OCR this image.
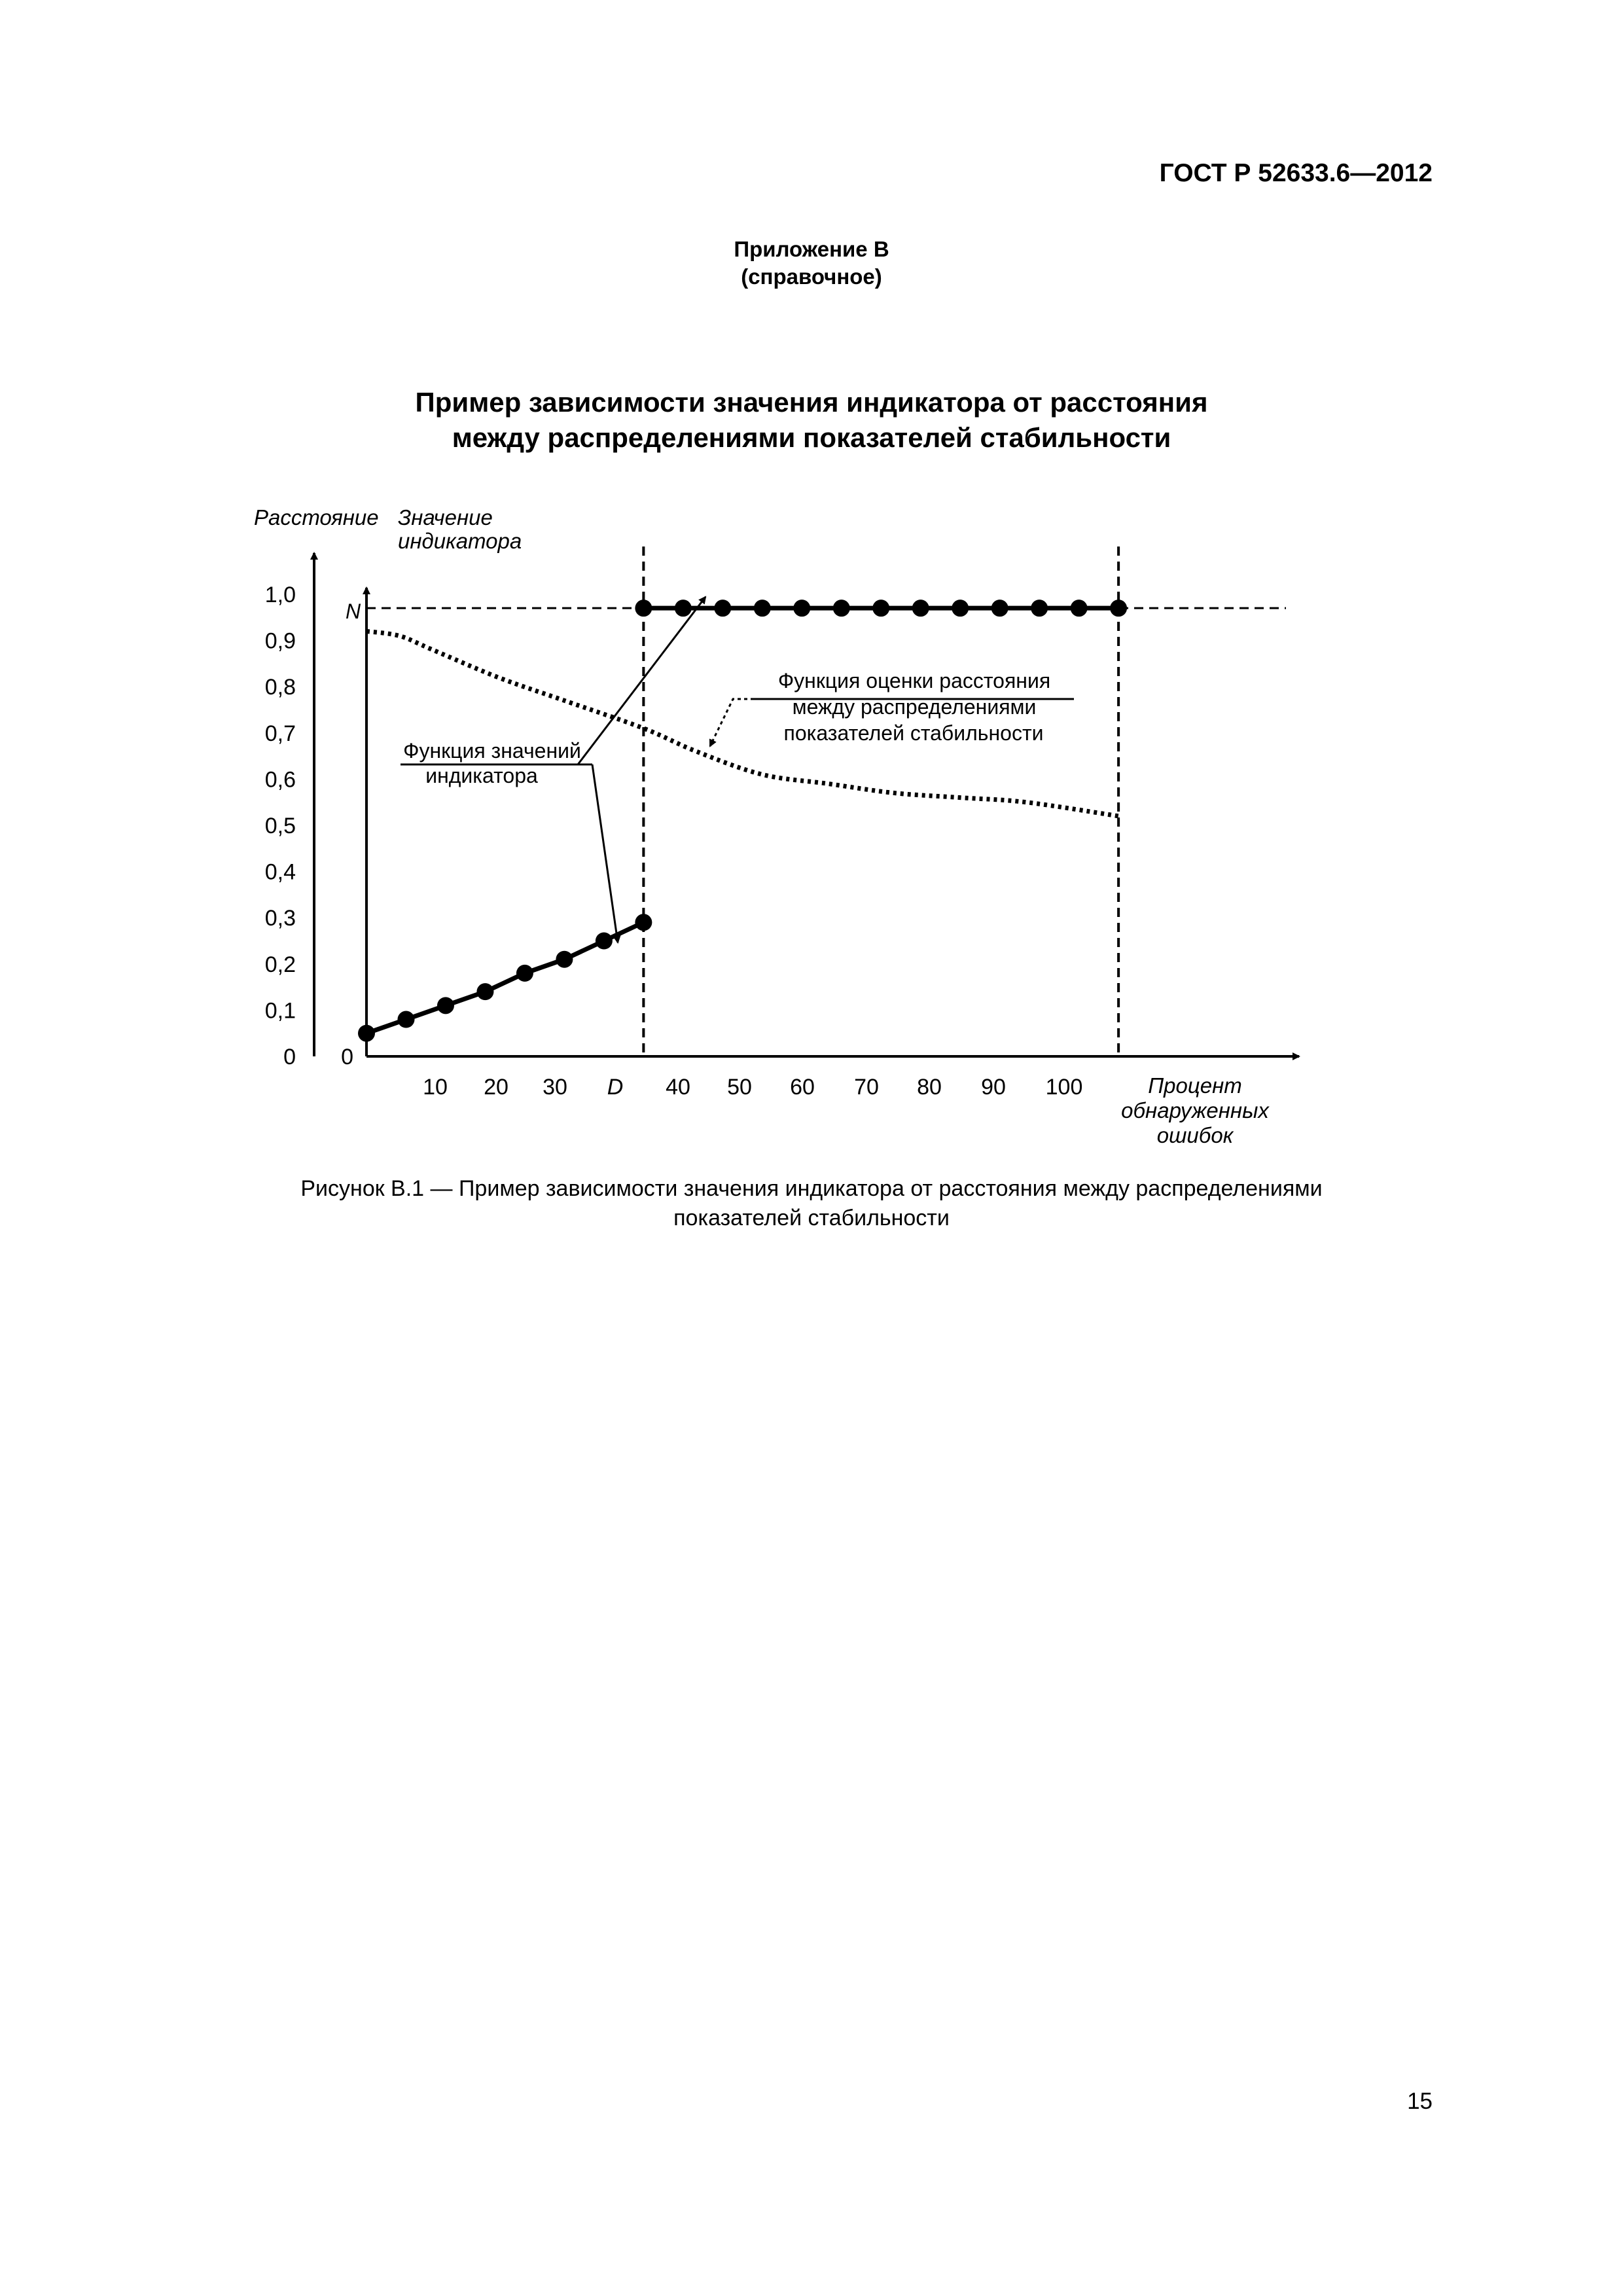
ГОСТ Р 52633.6—2012
Приложение В
(справочное)
Пример зависимости значения индикатора от расстояния
между распределениями показателей стабильности
Расстояние Значение
индикатора
1,0
0,9
0,8
0,7
0,6
0,5
0,4
0,3
0,2
0,1
0 0
N
10 20 30 D 40 50 60 70 80 90 100	Процент
обнаруженных
ошибок
Функция значений
индикатора
Функция оценки расстояния
между распределениями
показателей стабильности
Рисунок В.1 — Пример зависимости значения индикатора от расстояния между распределениями
показателей стабильности
15
